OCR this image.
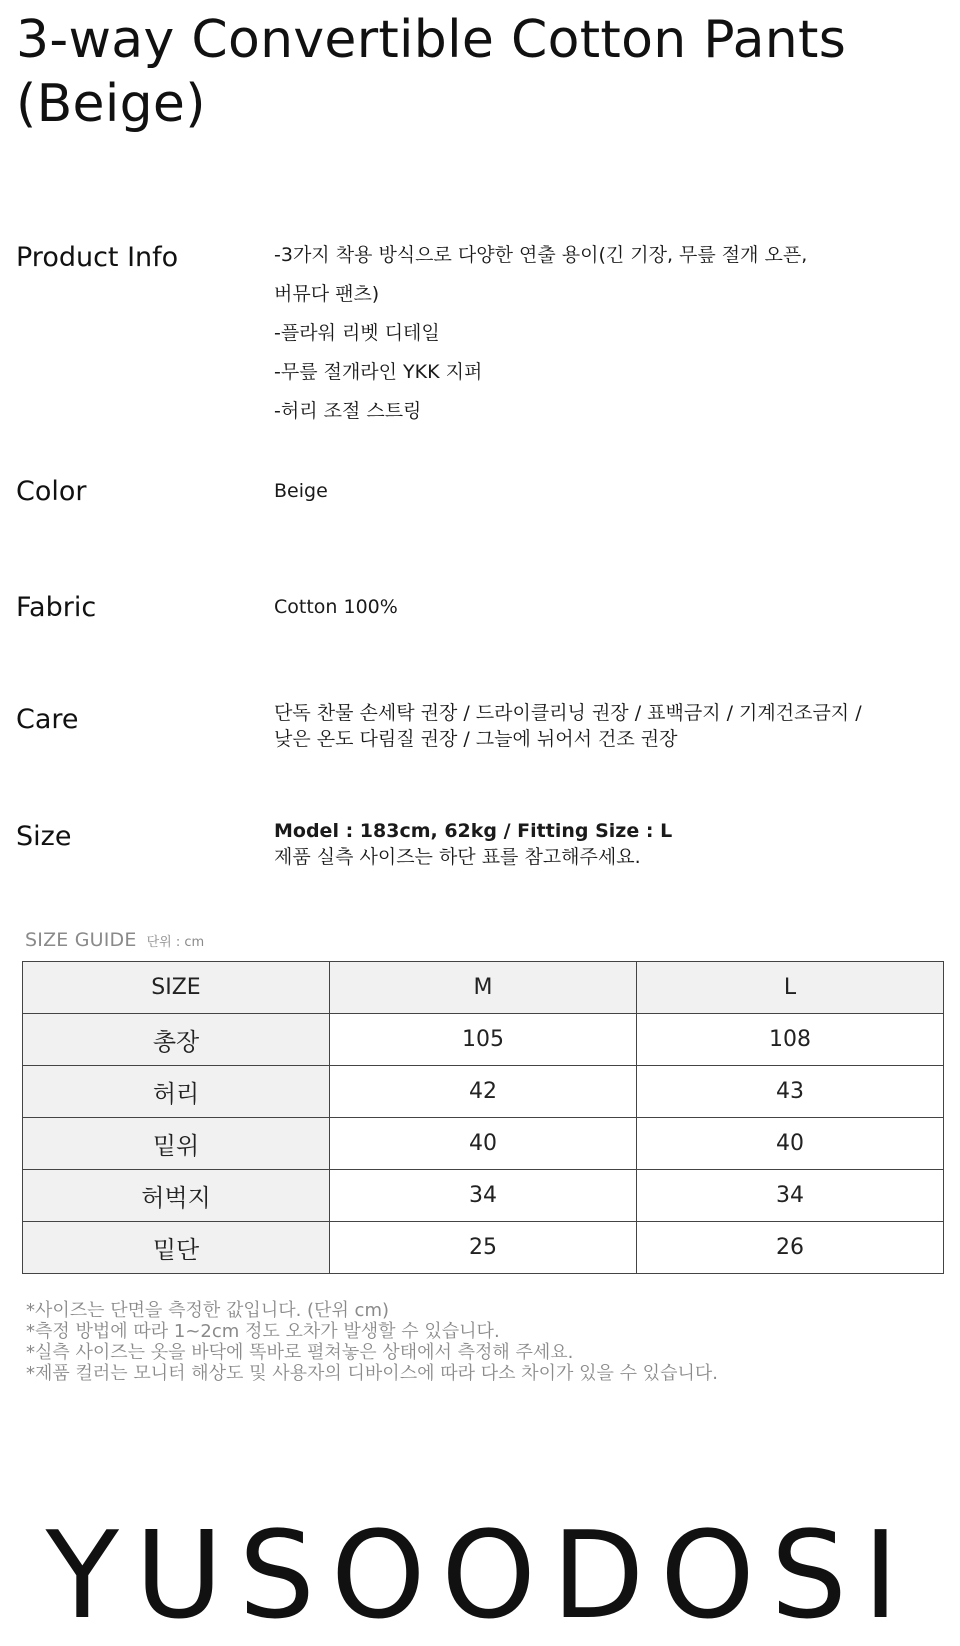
3-way Convertible Cotton Pants (Beige)
Product Info	-3가지 착용 방식으로 다양한 연출 용이(긴 기장, 무릎 절개 오픈,
버뮤다 팬츠)
-플라워 리벳 디테일
-무릎 절개라인 YKK 지퍼
-허리 조절 스트링
Color	Beige
Fabric	Cotton 100%
Care	단독 찬물 손세탁 권장 / 드라이클리닝 권장 / 표백금지 / 기계건조금지 /
낮은 온도 다림질 권장 / 그늘에 뉘어서 건조 권장
Size	Model : 183cm, 62kg / Fitting Size : L
제품 실측 사이즈는 하단 표를 참고해주세요.
SIZE GUIDE 단위 : cm
SIZE	M	L
총장	105	108
허리	42	43
밑위	40	40
허벅지	34	34
밑단	25	26
*사이즈는 단면을 측정한 값입니다. (단위 cm)
*측정 방법에 따라 1~2cm 정도 오차가 발생할 수 있습니다.
*실측 사이즈는 옷을 바닥에 똑바로 펼쳐놓은 상태에서 측정해 주세요.
*제품 컬러는 모니터 해상도 및 사용자의 디바이스에 따라 다소 차이가 있을 수 있습니다.
YUSOODOSI
